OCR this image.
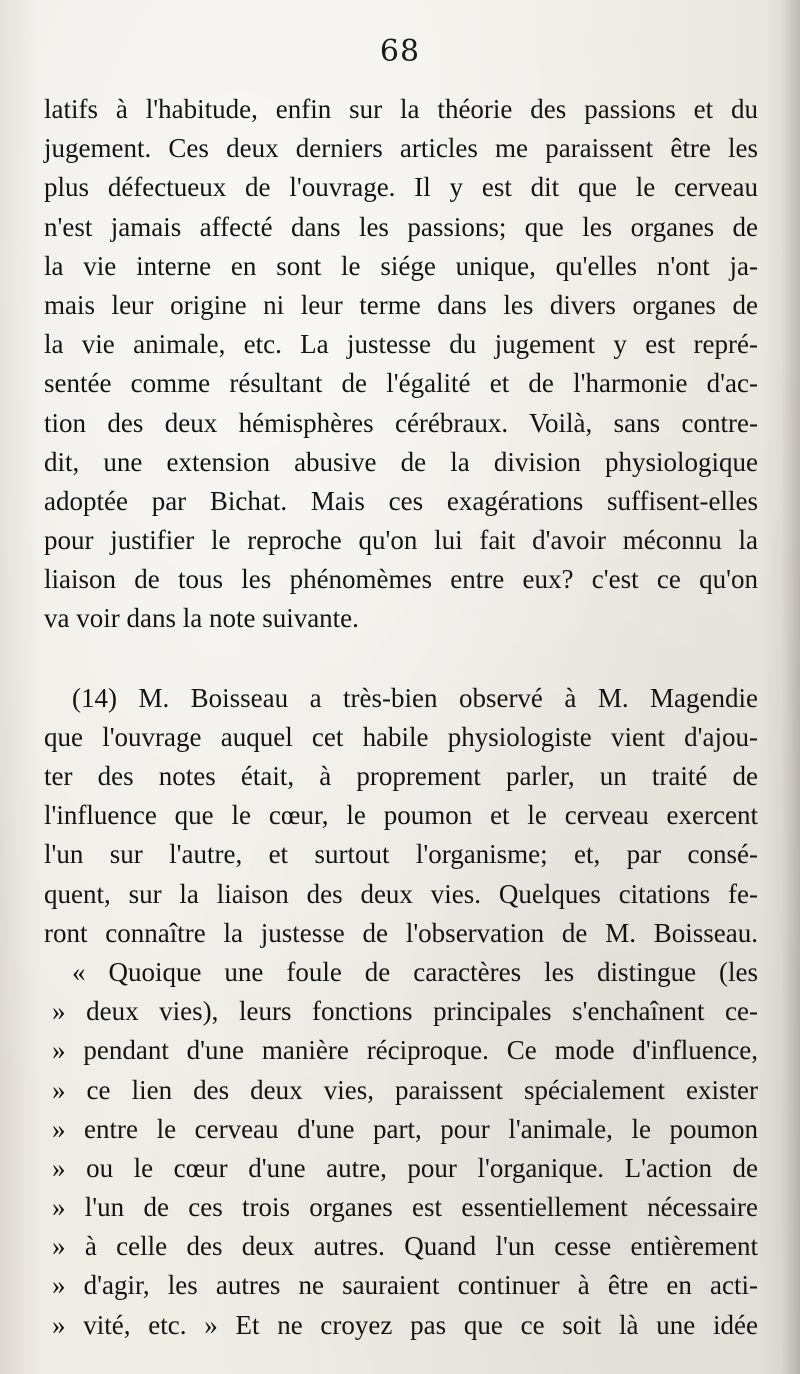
68
latifs à l'habitude, enfin sur la théorie des passions et du
jugement. Ces deux derniers articles me paraissent être les
plus défectueux de l'ouvrage. Il y est dit que le cerveau
n'est jamais affecté dans les passions; que les organes de
la vie interne en sont le siége unique, qu'elles n'ont ja-
mais leur origine ni leur terme dans les divers organes de
la vie animale, etc. La justesse du jugement y est repré-
sentée comme résultant de l'égalité et de l'harmonie d'ac-
tion des deux hémisphères cérébraux. Voilà, sans contre-
dit, une extension abusive de la division physiologique
adoptée par Bichat. Mais ces exagérations suffisent-elles
pour justifier le reproche qu'on lui fait d'avoir méconnu la
liaison de tous les phénomèmes entre eux? c'est ce qu'on
va voir dans la note suivante.
(14) M. Boisseau a très-bien observé à M. Magendie
que l'ouvrage auquel cet habile physiologiste vient d'ajou-
ter des notes était, à proprement parler, un traité de
l'influence que le cœur, le poumon et le cerveau exercent
l'un sur l'autre, et surtout l'organisme; et, par consé-
quent, sur la liaison des deux vies. Quelques citations fe-
ront connaître la justesse de l'observation de M. Boisseau.
« Quoique une foule de caractères les distingue (les
» deux vies), leurs fonctions principales s'enchaînent ce-
» pendant d'une manière réciproque. Ce mode d'influence,
» ce lien des deux vies, paraissent spécialement exister
» entre le cerveau d'une part, pour l'animale, le poumon
» ou le cœur d'une autre, pour l'organique. L'action de
» l'un de ces trois organes est essentiellement nécessaire
» à celle des deux autres. Quand l'un cesse entièrement
» d'agir, les autres ne sauraient continuer à être en acti-
» vité, etc. » Et ne croyez pas que ce soit là une idée
